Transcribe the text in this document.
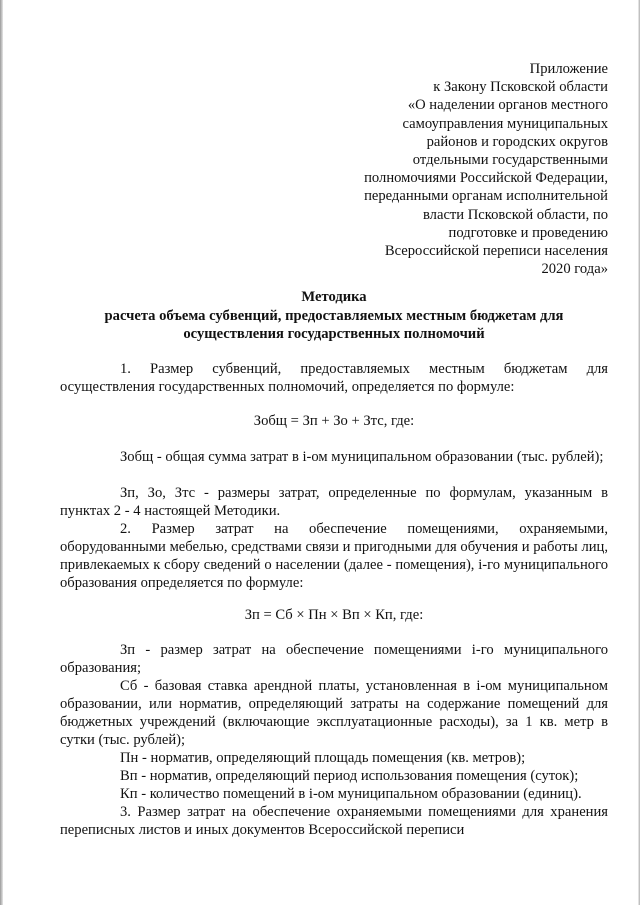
Приложение
к Закону Псковской области
«О наделении органов местного
самоуправления муниципальных
районов и городских округов
отдельными государственными
полномочиями Российской Федерации,
переданными органам исполнительной
власти Псковской области, по
подготовке и проведению
Всероссийской переписи населения
2020 года»
Методика
расчета объема субвенций, предоставляемых местным бюджетам для
осуществления государственных полномочий
1. Размер субвенций, предоставляемых местным бюджетам для осуществления государственных полномочий, определяется по формуле:
Зобщ = Зп + Зо + Зтс, где:
Зобщ - общая сумма затрат в i-ом муниципальном образовании (тыс. рублей);
Зп, Зо, Зтс - размеры затрат, определенные по формулам, указанным в пунктах 2 - 4 настоящей Методики.
2. Размер затрат на обеспечение помещениями, охраняемыми, оборудованными мебелью, средствами связи и пригодными для обучения и работы лиц, привлекаемых к сбору сведений о населении (далее - помещения), i-го муниципального образования определяется по формуле:
Зп = Сб × Пн × Вп × Кп, где:
Зп - размер затрат на обеспечение помещениями i-го муниципального образования;
Сб - базовая ставка арендной платы, установленная в i-ом муниципальном образовании, или норматив, определяющий затраты на содержание помещений для бюджетных учреждений (включающие эксплуатационные расходы), за 1 кв. метр в сутки (тыс. рублей);
Пн - норматив, определяющий площадь помещения (кв. метров);
Вп - норматив, определяющий период использования помещения (суток);
Кп - количество помещений в i-ом муниципальном образовании (единиц).
3. Размер затрат на обеспечение охраняемыми помещениями для хранения переписных листов и иных документов Всероссийской переписи
